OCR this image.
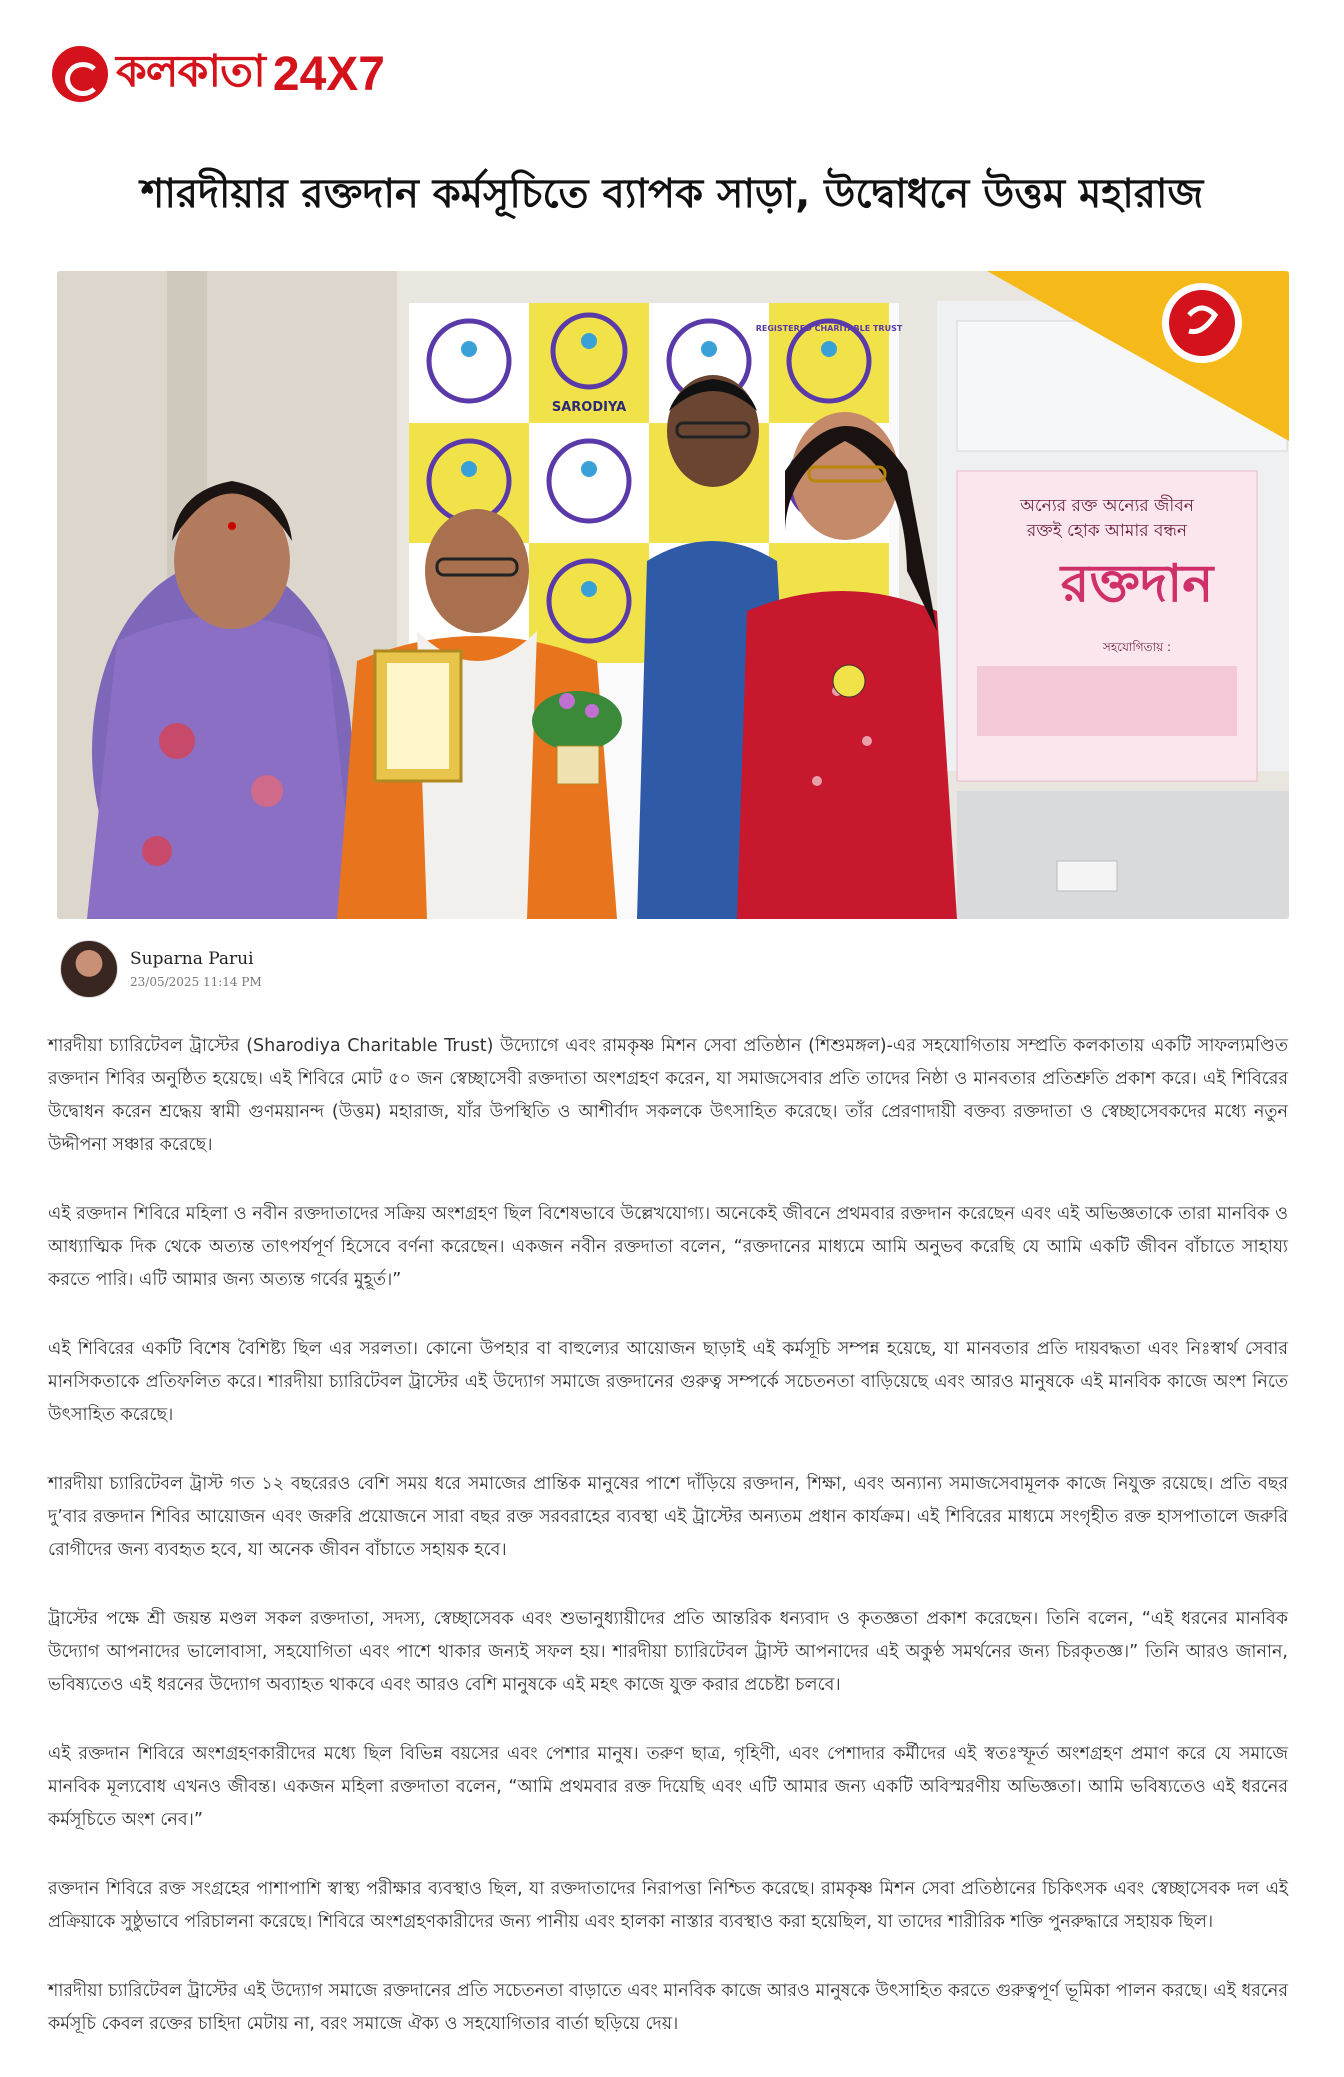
কলকাতা 24X7
শারদীয়ার রক্তদান কর্মসূচিতে ব্যাপক সাড়া, উদ্বোধনে উত্তম মহারাজ
SARODIYA
REGISTERED CHARITABLE TRUST
অন্যের রক্ত অন্যের জীবন
রক্তই হোক আমার বন্ধন
রক্তদান
সহযোগিতায় :
Suparna Parui
23/05/2025 11:14 PM

শারদীয়া চ্যারিটেবল ট্রাস্টের (Sharodiya Charitable Trust) উদ্যোগে এবং রামকৃষ্ণ মিশন সেবা প্রতিষ্ঠান (শিশুমঙ্গল)-এর সহযোগিতায় সম্প্রতি কলকাতায় একটি সাফল্যমণ্ডিত রক্তদান শিবির অনুষ্ঠিত হয়েছে। এই শিবিরে মোট ৫০ জন স্বেচ্ছাসেবী রক্তদাতা অংশগ্রহণ করেন, যা সমাজসেবার প্রতি তাদের নিষ্ঠা ও মানবতার প্রতিশ্রুতি প্রকাশ করে। এই শিবিরের উদ্বোধন করেন শ্রদ্ধেয় স্বামী গুণময়ানন্দ (উত্তম) মহারাজ, যাঁর উপস্থিতি ও আশীর্বাদ সকলকে উৎসাহিত করেছে। তাঁর প্রেরণাদায়ী বক্তব্য রক্তদাতা ও স্বেচ্ছাসেবকদের মধ্যে নতুন উদ্দীপনা সঞ্চার করেছে।

এই রক্তদান শিবিরে মহিলা ও নবীন রক্তদাতাদের সক্রিয় অংশগ্রহণ ছিল বিশেষভাবে উল্লেখযোগ্য। অনেকেই জীবনে প্রথমবার রক্তদান করেছেন এবং এই অভিজ্ঞতাকে তারা মানবিক ও আধ্যাত্মিক দিক থেকে অত্যন্ত তাৎপর্যপূর্ণ হিসেবে বর্ণনা করেছেন। একজন নবীন রক্তদাতা বলেন, “রক্তদানের মাধ্যমে আমি অনুভব করেছি যে আমি একটি জীবন বাঁচাতে সাহায্য করতে পারি। এটি আমার জন্য অত্যন্ত গর্বের মুহূর্ত।”

এই শিবিরের একটি বিশেষ বৈশিষ্ট্য ছিল এর সরলতা। কোনো উপহার বা বাহুল্যের আয়োজন ছাড়াই এই কর্মসূচি সম্পন্ন হয়েছে, যা মানবতার প্রতি দায়বদ্ধতা এবং নিঃস্বার্থ সেবার মানসিকতাকে প্রতিফলিত করে। শারদীয়া চ্যারিটেবল ট্রাস্টের এই উদ্যোগ সমাজে রক্তদানের গুরুত্ব সম্পর্কে সচেতনতা বাড়িয়েছে এবং আরও মানুষকে এই মানবিক কাজে অংশ নিতে উৎসাহিত করেছে।

শারদীয়া চ্যারিটেবল ট্রাস্ট গত ১২ বছরেরও বেশি সময় ধরে সমাজের প্রান্তিক মানুষের পাশে দাঁড়িয়ে রক্তদান, শিক্ষা, এবং অন্যান্য সমাজসেবামূলক কাজে নিযুক্ত রয়েছে। প্রতি বছর দু’বার রক্তদান শিবির আয়োজন এবং জরুরি প্রয়োজনে সারা বছর রক্ত সরবরাহের ব্যবস্থা এই ট্রাস্টের অন্যতম প্রধান কার্যক্রম। এই শিবিরের মাধ্যমে সংগৃহীত রক্ত হাসপাতালে জরুরি রোগীদের জন্য ব্যবহৃত হবে, যা অনেক জীবন বাঁচাতে সহায়ক হবে।

ট্রাস্টের পক্ষে শ্রী জয়ন্ত মণ্ডল সকল রক্তদাতা, সদস্য, স্বেচ্ছাসেবক এবং শুভানুধ্যায়ীদের প্রতি আন্তরিক ধন্যবাদ ও কৃতজ্ঞতা প্রকাশ করেছেন। তিনি বলেন, “এই ধরনের মানবিক উদ্যোগ আপনাদের ভালোবাসা, সহযোগিতা এবং পাশে থাকার জন্যই সফল হয়। শারদীয়া চ্যারিটেবল ট্রাস্ট আপনাদের এই অকুণ্ঠ সমর্থনের জন্য চিরকৃতজ্ঞ।” তিনি আরও জানান, ভবিষ্যতেও এই ধরনের উদ্যোগ অব্যাহত থাকবে এবং আরও বেশি মানুষকে এই মহৎ কাজে যুক্ত করার প্রচেষ্টা চলবে।

এই রক্তদান শিবিরে অংশগ্রহণকারীদের মধ্যে ছিল বিভিন্ন বয়সের এবং পেশার মানুষ। তরুণ ছাত্র, গৃহিণী, এবং পেশাদার কর্মীদের এই স্বতঃস্ফূর্ত অংশগ্রহণ প্রমাণ করে যে সমাজে মানবিক মূল্যবোধ এখনও জীবন্ত। একজন মহিলা রক্তদাতা বলেন, “আমি প্রথমবার রক্ত দিয়েছি এবং এটি আমার জন্য একটি অবিস্মরণীয় অভিজ্ঞতা। আমি ভবিষ্যতেও এই ধরনের কর্মসূচিতে অংশ নেব।”

রক্তদান শিবিরে রক্ত সংগ্রহের পাশাপাশি স্বাস্থ্য পরীক্ষার ব্যবস্থাও ছিল, যা রক্তদাতাদের নিরাপত্তা নিশ্চিত করেছে। রামকৃষ্ণ মিশন সেবা প্রতিষ্ঠানের চিকিৎসক এবং স্বেচ্ছাসেবক দল এই প্রক্রিয়াকে সুষ্ঠুভাবে পরিচালনা করেছে। শিবিরে অংশগ্রহণকারীদের জন্য পানীয় এবং হালকা নাস্তার ব্যবস্থাও করা হয়েছিল, যা তাদের শারীরিক শক্তি পুনরুদ্ধারে সহায়ক ছিল।

শারদীয়া চ্যারিটেবল ট্রাস্টের এই উদ্যোগ সমাজে রক্তদানের প্রতি সচেতনতা বাড়াতে এবং মানবিক কাজে আরও মানুষকে উৎসাহিত করতে গুরুত্বপূর্ণ ভূমিকা পালন করছে। এই ধরনের কর্মসূচি কেবল রক্তের চাহিদা মেটায় না, বরং সমাজে ঐক্য ও সহযোগিতার বার্তা ছড়িয়ে দেয়।
